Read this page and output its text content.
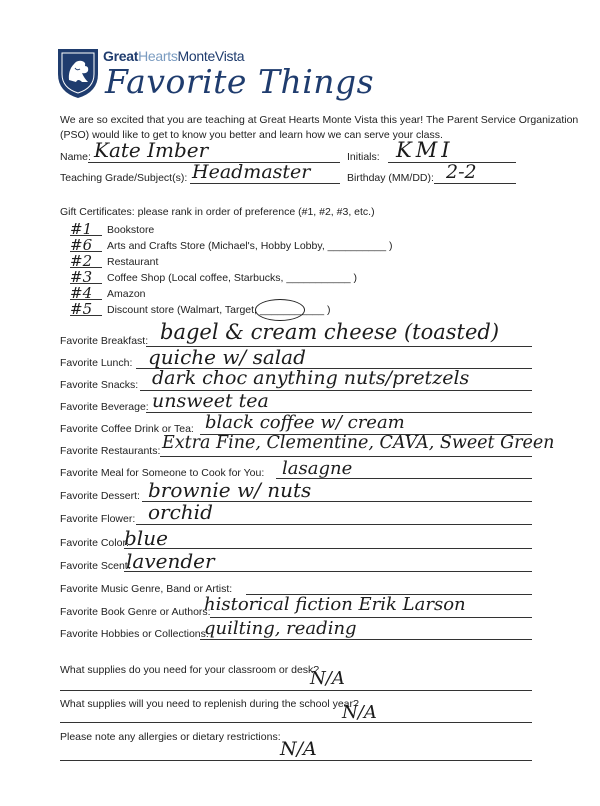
GreatHeartsMonteVista
Favorite Things
We are so excited that you are teaching at Great Hearts Monte Vista this year! The Parent Service Organization (PSO) would like to get to know you better and learn how we can serve your class.
Name: Kate Imber	Initials: KMI
Teaching Grade/Subject(s): Headmaster	Birthday (MM/DD): 2-2
Gift Certificates: please rank in order of preference (#1, #2, #3, etc.)
#1	Bookstore
#6	Arts and Crafts Store (Michael's, Hobby Lobby, __________ )
#2	Restaurant
#3	Coffee Shop (Local coffee, Starbucks, ___________ )
#4	Amazon
#5	Discount store (Walmart, Target, ___________ )
Favorite Breakfast: bagel & cream cheese (toasted)
Favorite Lunch: quiche w/ salad
Favorite Snacks: dark choc anything nuts/pretzels
Favorite Beverage: unsweet tea
Favorite Coffee Drink or Tea: black coffee w/ cream
Favorite Restaurants: Extra Fine, Clementine, CAVA, Sweet Green
Favorite Meal for Someone to Cook for You: lasagne
Favorite Dessert: brownie w/ nuts
Favorite Flower: orchid
Favorite Color:
blue
Favorite Scent:
lavender
Favorite Music Genre, Band or Artist:
Favorite Book Genre or Authors:
historical fiction Erik Larson
Favorite Hobbies or Collections:
quilting, reading
What supplies do you need for your classroom or desk?
N/A
What supplies will you need to replenish during the school year?
N/A
Please note any allergies or dietary restrictions:
N/A
